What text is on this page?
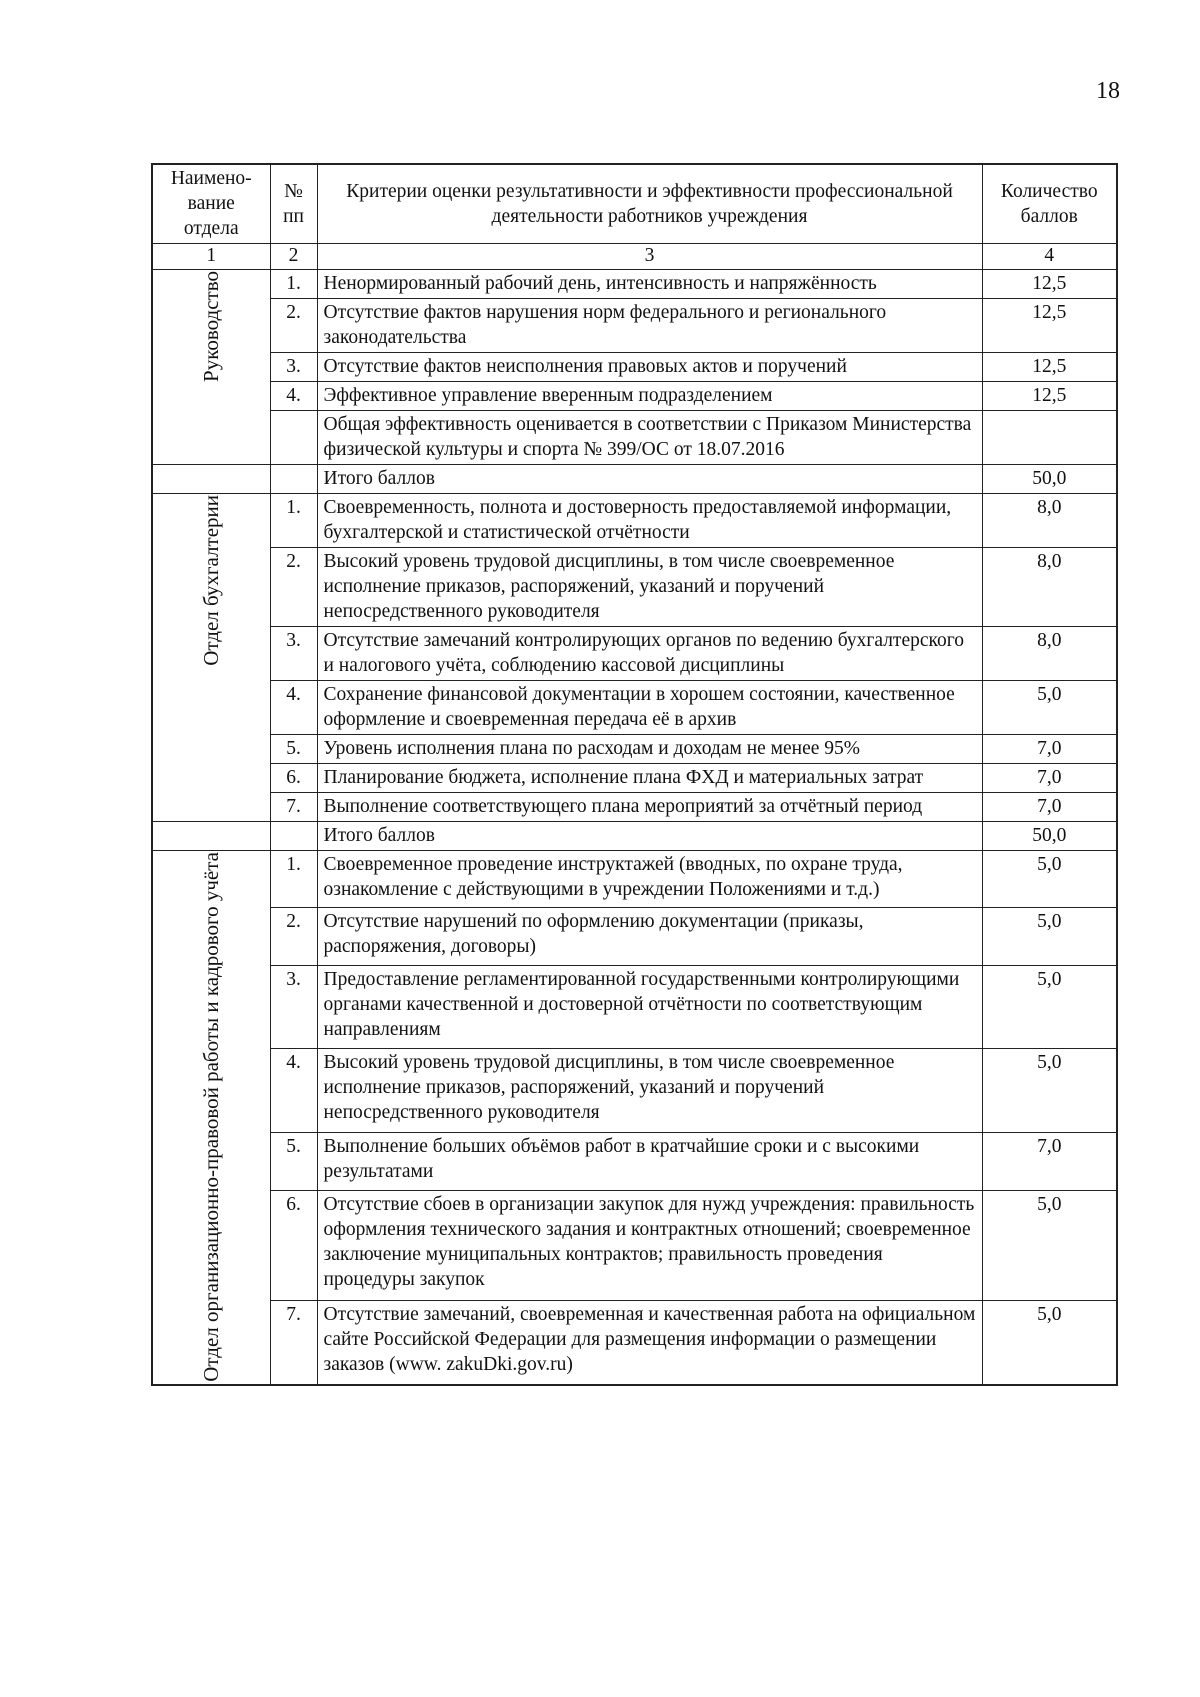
18
Наимено-вание отдела	№ пп	Критерии оценки результативности и эффективности профессиональной деятельности работников учреждения	Количество баллов
1	2	3	4

Руководство	1.	Ненормированный рабочий день, интенсивность и напряжённость	12,5
	2.	Отсутствие фактов нарушения норм федерального и регионального законодательства	12,5
	3.	Отсутствие фактов неисполнения правовых актов и поручений	12,5
	4.	Эффективное управление вверенным подразделением	12,5
		Общая эффективность оценивается в соответствии с Приказом Министерства физической культуры и спорта № 399/ОС от 18.07.2016	
		Итого баллов	50,0

Отдел бухгалтерии	1.	Своевременность, полнота и достоверность предоставляемой информации, бухгалтерской и статистической отчётности	8,0
	2.	Высокий уровень трудовой дисциплины, в том числе своевременное исполнение приказов, распоряжений, указаний и поручений непосредственного руководителя	8,0
	3.	Отсутствие замечаний контролирующих органов по ведению бухгалтерского и налогового учёта, соблюдению кассовой дисциплины	8,0
	4.	Сохранение финансовой документации в хорошем состоянии, качественное оформление и своевременная передача её в архив	5,0
	5.	Уровень исполнения плана по расходам и доходам не менее 95%	7,0
	6.	Планирование бюджета, исполнение плана ФХД и материальных затрат	7,0
	7.	Выполнение соответствующего плана мероприятий за отчётный период	7,0
		Итого баллов	50,0

Отдел организационно-правовой работы и кадрового учёта	1.	Своевременное проведение инструктажей (вводных, по охране труда, ознакомление с действующими в учреждении Положениями и т.д.)	5,0
	2.	Отсутствие нарушений по оформлению документации (приказы, распоряжения, договоры)	5,0
	3.	Предоставление регламентированной государственными контролирующими органами качественной и достоверной отчётности по соответствующим направлениям	5,0
	4.	Высокий уровень трудовой дисциплины, в том числе своевременное исполнение приказов, распоряжений, указаний и поручений непосредственного руководителя	5,0
	5.	Выполнение больших объёмов работ в кратчайшие сроки и с высокими результатами	7,0
	6.	Отсутствие сбоев в организации закупок для нужд учреждения: правильность оформления технического задания и контрактных отношений; своевременное заключение муниципальных контрактов; правильность проведения процедуры закупок	5,0
	7.	Отсутствие замечаний, своевременная и качественная работа на официальном сайте Российской Федерации для размещения информации о размещении заказов (www. zakuDki.gov.ru)	5,0
